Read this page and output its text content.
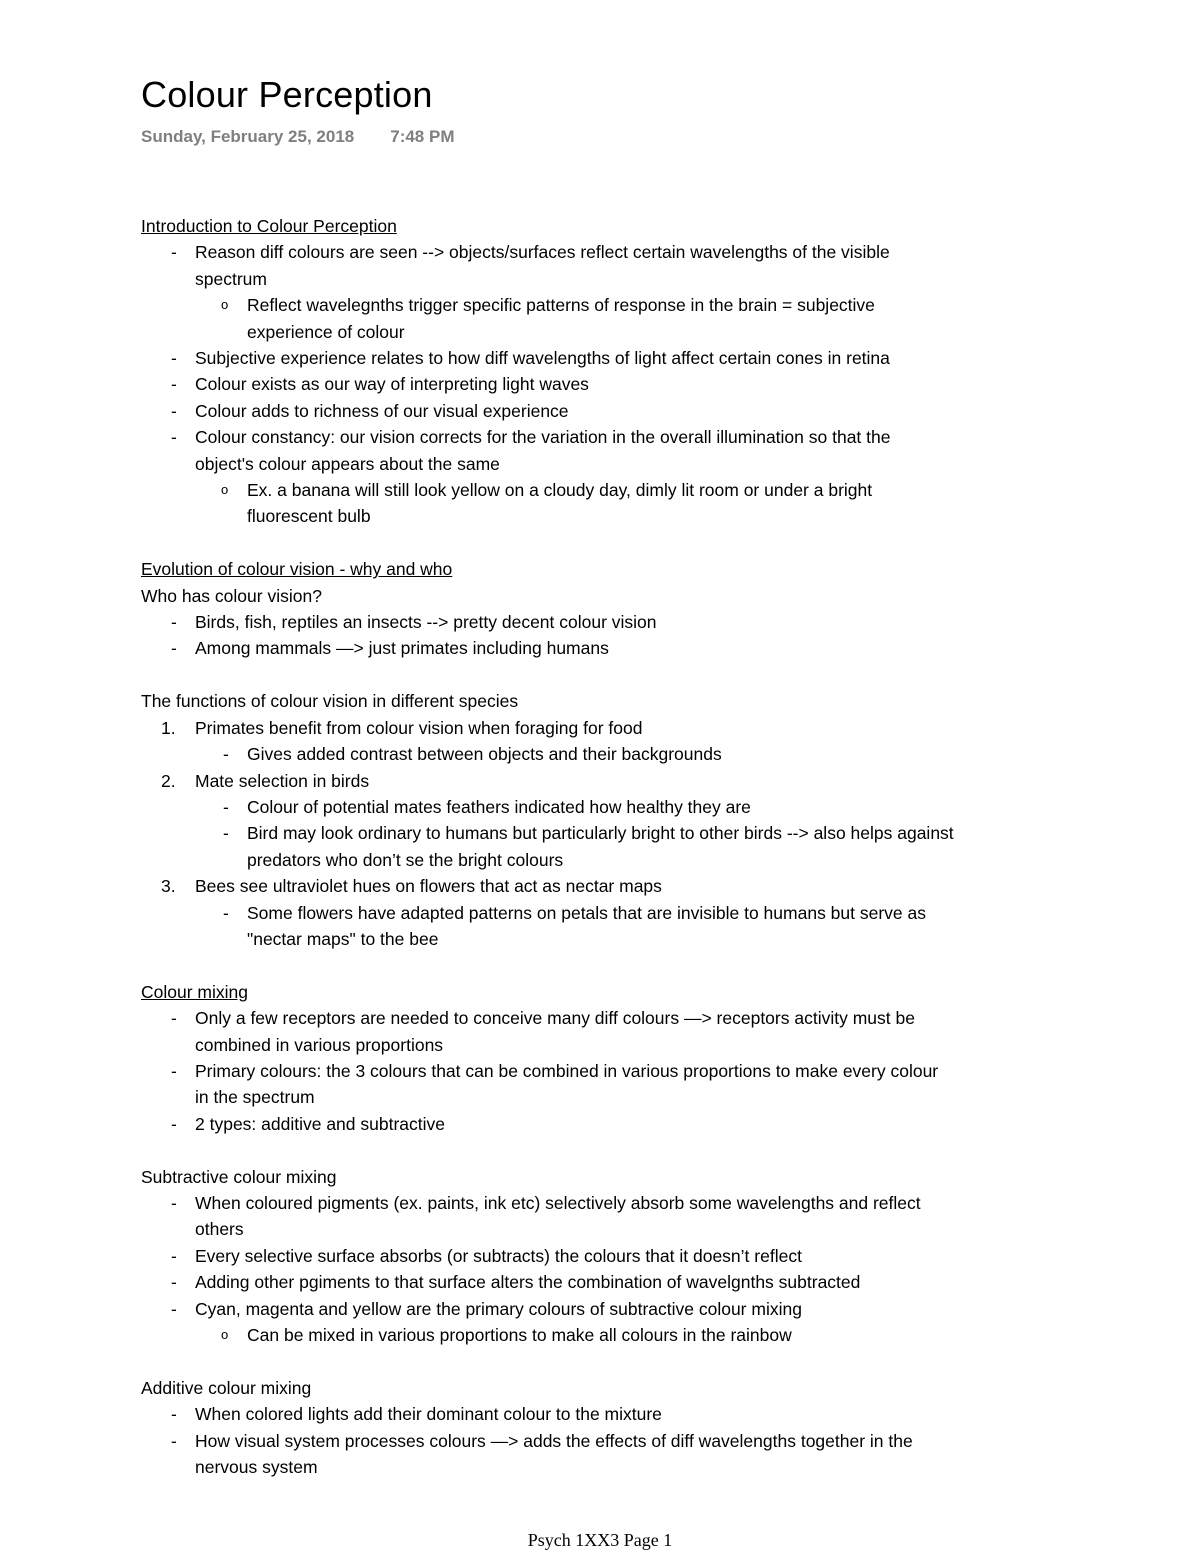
Colour Perception
Sunday, February 25, 2018 7:48 PM
Introduction to Colour Perception
- Reason diff colours are seen --> objects/surfaces reflect certain wavelengths of the visible
spectrum
o Reflect wavelegnths trigger specific patterns of response in the brain = subjective
experience of colour
- Subjective experience relates to how diff wavelengths of light affect certain cones in retina
- Colour exists as our way of interpreting light waves
- Colour adds to richness of our visual experience
- Colour constancy: our vision corrects for the variation in the overall illumination so that the
object's colour appears about the same
o Ex. a banana will still look yellow on a cloudy day, dimly lit room or under a bright
fluorescent bulb
Evolution of colour vision - why and who
Who has colour vision?
- Birds, fish, reptiles an insects --> pretty decent colour vision
- Among mammals —> just primates including humans
The functions of colour vision in different species
1. Primates benefit from colour vision when foraging for food
- Gives added contrast between objects and their backgrounds
2. Mate selection in birds
- Colour of potential mates feathers indicated how healthy they are
- Bird may look ordinary to humans but particularly bright to other birds --> also helps against
predators who don’t se the bright colours
3. Bees see ultraviolet hues on flowers that act as nectar maps
- Some flowers have adapted patterns on petals that are invisible to humans but serve as
"nectar maps" to the bee
Colour mixing
- Only a few receptors are needed to conceive many diff colours —> receptors activity must be
combined in various proportions
- Primary colours: the 3 colours that can be combined in various proportions to make every colour
in the spectrum
- 2 types: additive and subtractive
Subtractive colour mixing
- When coloured pigments (ex. paints, ink etc) selectively absorb some wavelengths and reflect
others
- Every selective surface absorbs (or subtracts) the colours that it doesn’t reflect
- Adding other pgiments to that surface alters the combination of wavelgnths subtracted
- Cyan, magenta and yellow are the primary colours of subtractive colour mixing
o Can be mixed in various proportions to make all colours in the rainbow
Additive colour mixing
- When colored lights add their dominant colour to the mixture
- How visual system processes colours —> adds the effects of diff wavelengths together in the
nervous system
Psych 1XX3 Page 1
